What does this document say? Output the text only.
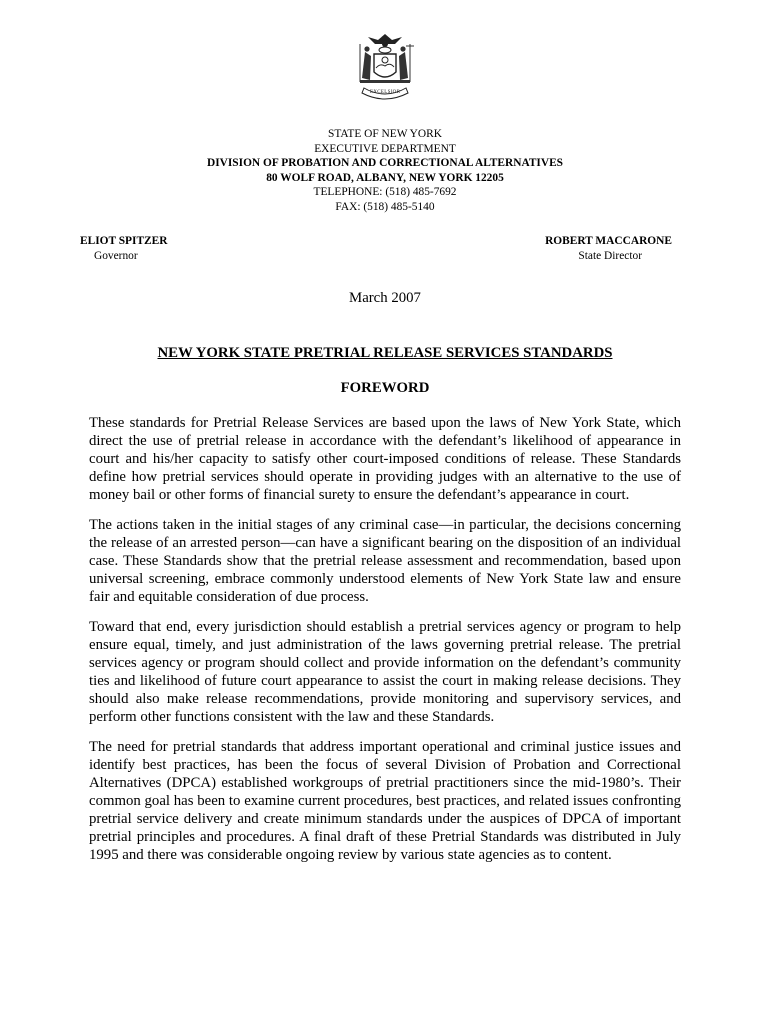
EXCELSIOR
STATE OF NEW YORK
EXECUTIVE DEPARTMENT
DIVISION OF PROBATION AND CORRECTIONAL ALTERNATIVES
80 WOLF ROAD, ALBANY, NEW YORK 12205
TELEPHONE: (518) 485-7692
FAX: (518) 485-5140
ELIOT SPITZER
Governor
ROBERT MACCARONE
State Director
March 2007
NEW YORK STATE PRETRIAL RELEASE SERVICES STANDARDS
FOREWORD

These standards for Pretrial Release Services are based upon the laws of New York State, which direct the use of pretrial release in accordance with the defendant’s likelihood of appearance in court and his/her capacity to satisfy other court-imposed conditions of release. These Standards define how pretrial services should operate in providing judges with an alternative to the use of money bail or other forms of financial surety to ensure the defendant’s appearance in court.

The actions taken in the initial stages of any criminal case—in particular, the decisions concerning the release of an arrested person—can have a significant bearing on the disposition of an individual case. These Standards show that the pretrial release assessment and recommendation, based upon universal screening, embrace commonly understood elements of New York State law and ensure fair and equitable consideration of due process.

Toward that end, every jurisdiction should establish a pretrial services agency or program to help ensure equal, timely, and just administration of the laws governing pretrial release. The pretrial services agency or program should collect and provide information on the defendant’s community ties and likelihood of future court appearance to assist the court in making release decisions. They should also make release recommendations, provide monitoring and supervisory services, and perform other functions consistent with the law and these Standards.

The need for pretrial standards that address important operational and criminal justice issues and identify best practices, has been the focus of several Division of Probation and Correctional Alternatives (DPCA) established workgroups of pretrial practitioners since the mid-1980’s. Their common goal has been to examine current procedures, best practices, and related issues confronting pretrial service delivery and create minimum standards under the auspices of DPCA of important pretrial principles and procedures. A final draft of these Pretrial Standards was distributed in July 1995 and there was considerable ongoing review by various state agencies as to content.
